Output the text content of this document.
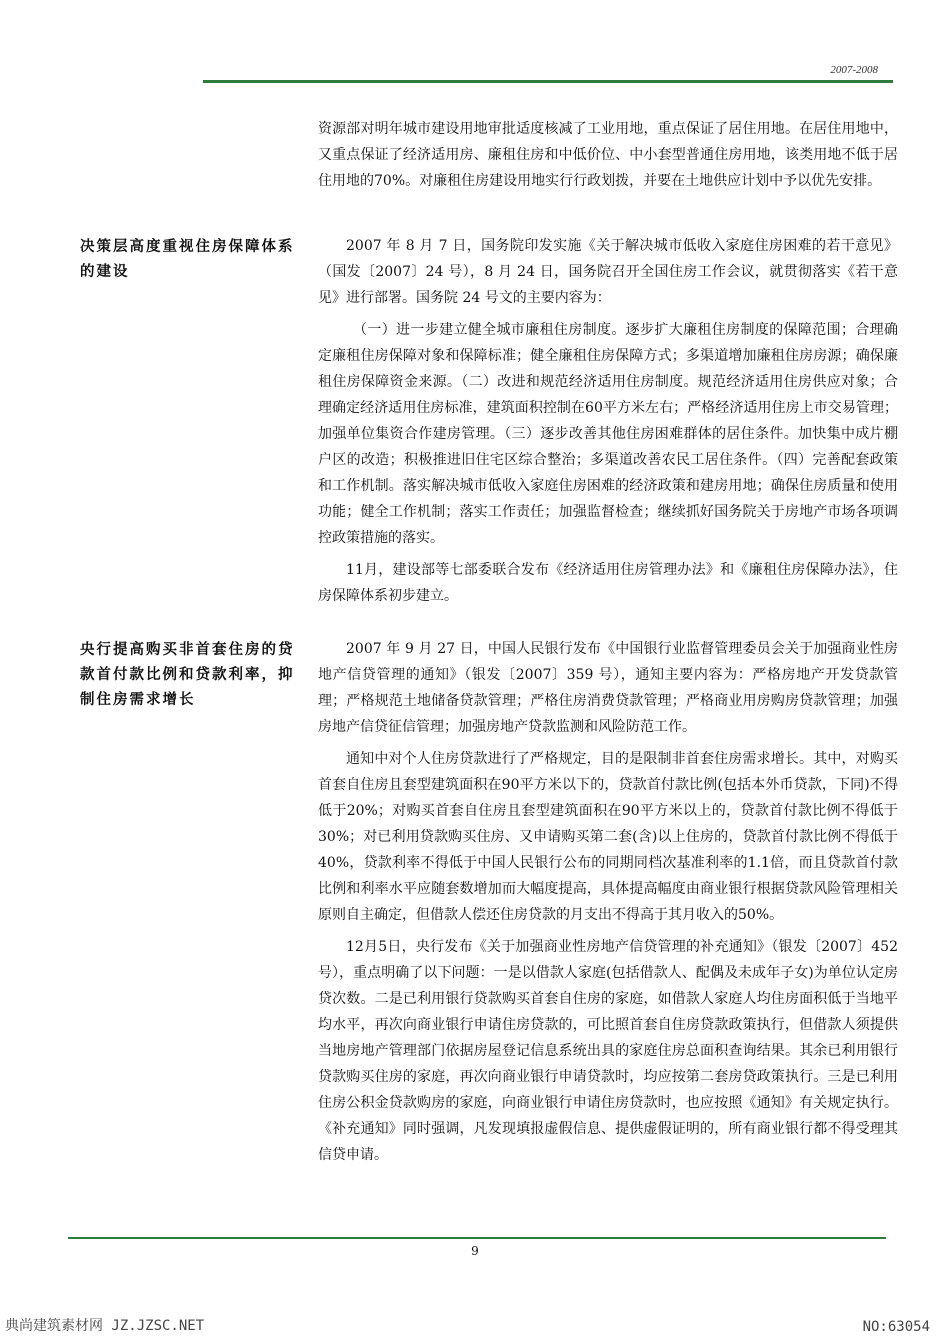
2007-2008

资源部对明年城市建设用地审批适度核减了工业用地，重点保证了居住用地。在居住用地中，又重点保证了经济适用房、廉租住房和中低价位、中小套型普通住房用地，该类用地不低于居住用地的70%。对廉租住房建设用地实行行政划拨，并要在土地供应计划中予以优先安排。

决策层高度重视住房保障体系的建设

2007 年 8 月 7 日，国务院印发实施《关于解决城市低收入家庭住房困难的若干意见》（国发〔2007〕24 号），8 月 24 日，国务院召开全国住房工作会议，就贯彻落实《若干意见》进行部署。国务院 24 号文的主要内容为：

（一）进一步建立健全城市廉租住房制度。逐步扩大廉租住房制度的保障范围；合理确定廉租住房保障对象和保障标准；健全廉租住房保障方式；多渠道增加廉租住房房源；确保廉租住房保障资金来源。（二）改进和规范经济适用住房制度。规范经济适用住房供应对象；合理确定经济适用住房标准，建筑面积控制在60平方米左右；严格经济适用住房上市交易管理；加强单位集资合作建房管理。（三）逐步改善其他住房困难群体的居住条件。加快集中成片棚户区的改造；积极推进旧住宅区综合整治；多渠道改善农民工居住条件。（四）完善配套政策和工作机制。落实解决城市低收入家庭住房困难的经济政策和建房用地；确保住房质量和使用功能；健全工作机制；落实工作责任；加强监督检查；继续抓好国务院关于房地产市场各项调控政策措施的落实。

11月，建设部等七部委联合发布《经济适用住房管理办法》和《廉租住房保障办法》，住房保障体系初步建立。

央行提高购买非首套住房的贷款首付款比例和贷款利率，抑制住房需求增长

2007 年 9 月 27 日，中国人民银行发布《中国银行业监督管理委员会关于加强商业性房地产信贷管理的通知》（银发〔2007〕359 号），通知主要内容为：严格房地产开发贷款管理；严格规范土地储备贷款管理；严格住房消费贷款管理；严格商业用房购房贷款管理；加强房地产信贷征信管理；加强房地产贷款监测和风险防范工作。

通知中对个人住房贷款进行了严格规定，目的是限制非首套住房需求增长。其中，对购买首套自住房且套型建筑面积在90平方米以下的，贷款首付款比例(包括本外币贷款，下同)不得低于20%；对购买首套自住房且套型建筑面积在90平方米以上的，贷款首付款比例不得低于30%；对已利用贷款购买住房、又申请购买第二套(含)以上住房的，贷款首付款比例不得低于40%，贷款利率不得低于中国人民银行公布的同期同档次基准利率的1.1倍，而且贷款首付款比例和利率水平应随套数增加而大幅度提高，具体提高幅度由商业银行根据贷款风险管理相关原则自主确定，但借款人偿还住房贷款的月支出不得高于其月收入的50%。

12月5日，央行发布《关于加强商业性房地产信贷管理的补充通知》（银发〔2007〕452号），重点明确了以下问题：一是以借款人家庭(包括借款人、配偶及未成年子女)为单位认定房贷次数。二是已利用银行贷款购买首套自住房的家庭，如借款人家庭人均住房面积低于当地平均水平，再次向商业银行申请住房贷款的，可比照首套自住房贷款政策执行，但借款人须提供当地房地产管理部门依据房屋登记信息系统出具的家庭住房总面积查询结果。其余已利用银行贷款购买住房的家庭，再次向商业银行申请贷款时，均应按第二套房贷政策执行。三是已利用住房公积金贷款购房的家庭，向商业银行申请住房贷款时，也应按照《通知》有关规定执行。《补充通知》同时强调，凡发现填报虚假信息、提供虚假证明的，所有商业银行都不得受理其信贷申请。

9
典尚建筑素材网 JZ.JZSC.NET	NO:63054
